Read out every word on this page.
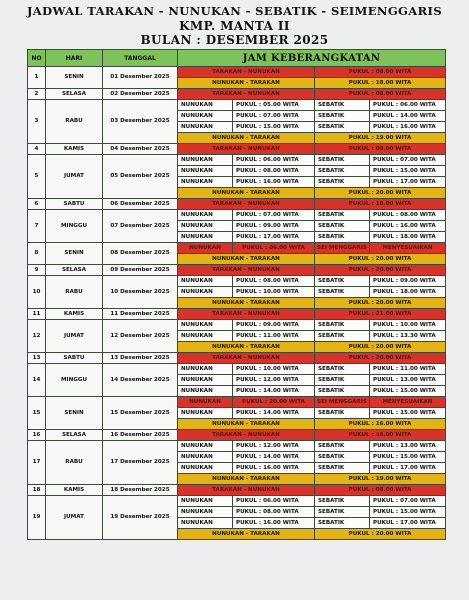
JADWAL TARAKAN - NUNUKAN - SEBATIK - SEIMENGGARIS
KMP. MANTA II
BULAN : DESEMBER 2025
NO	HARI	TANGGAL	JAM KEBERANGKATAN			
1	SENIN	01 Desember 2025	TARAKAN - NUNUKAN		PUKUL : 08.00 WITA	
			NUNUKAN - TARAKAN		PUKUL : 18.00 WITA	
2	SELASA	02 Desember 2025	TARAKAN - NUNUKAN		PUKUL : 08.00 WITA	
3	RABU	03 Desember 2025	NUNUKAN	PUKUL : 05.00 WITA	SEBATIK	PUKUL : 06.00 WITA
			NUNUKAN	PUKUL : 07.00 WITA	SEBATIK	PUKUL : 14.00 WITA
			NUNUKAN	PUKUL : 15.00 WITA	SEBATIK	PUKUL : 16.00 WITA
			NUNUKAN - TARAKAN		PUKUL : 19.00 WITA	
4	KAMIS	04 Desember 2025	TARAKAN - NUNUKAN		PUKUL : 08.00 WITA	
5	JUMAT	05 Desember 2025	NUNUKAN	PUKUL : 06.00 WITA	SEBATIK	PUKUL : 07.00 WITA
			NUNUKAN	PUKUL : 08.00 WITA	SEBATIK	PUKUL : 15.00 WITA
			NUNUKAN	PUKUL : 16.00 WITA	SEBATIK	PUKUL : 17.00 WITA
			NUNUKAN - TARAKAN		PUKUL : 20.00 WITA	
6	SABTU	06 Desember 2025	TARAKAN - NUNUKAN		PUKUL : 18.00 WITA	
7	MINGGU	07 Desember 2025	NUNUKAN	PUKUL : 07.00 WITA	SEBATIK	PUKUL : 08.00 WITA
			NUNUKAN	PUKUL : 09.00 WITA	SEBATIK	PUKUL : 16.00 WITA
			NUNUKAN	PUKUL : 17.00 WITA	SEBATIK	PUKUL : 18.00 WITA
8	SENIN	08 Desember 2025	NUNUKAN	PUKUL : 06.00 WITA	SEI MENGGARIS	MENYESUAIKAN
			NUNUKAN - TARAKAN		PUKUL : 20.00 WITA	
9	SELASA	09 Desember 2025	TARAKAN - NUNUKAN		PUKUL : 20.00 WITA	
10	RABU	10 Desember 2025	NUNUKAN	PUKUL : 08.00 WITA	SEBATIK	PUKUL : 09.00 WITA
			NUNUKAN	PUKUL : 10.00 WITA	SEBATIK	PUKUL : 18.00 WITA
			NUNUKAN - TARAKAN		PUKUL : 20.00 WITA	
11	KAMIS	11 Desember 2025	TARAKAN - NUNUKAN		PUKUL : 21.00 WITA	
12	JUMAT	12 Desember 2025	NUNUKAN	PUKUL : 09.00 WITA	SEBATIK	PUKUL : 10.00 WITA
			NUNUKAN	PUKUL : 11.00 WITA	SEBATIK	PUKUL : 13.30 WITA
			NUNUKAN - TARAKAN		PUKUL : 20.00 WITA	
13	SABTU	13 Desember 2025	TARAKAN - NUNUKAN		PUKUL : 20.00 WITA	
14	MINGGU	14 Desember 2025	NUNUKAN	PUKUL : 10.00 WITA	SEBATIK	PUKUL : 11.00 WITA
			NUNUKAN	PUKUL : 12.00 WITA	SEBATIK	PUKUL : 13.00 WITA
			NUNUKAN	PUKUL : 14.00 WITA	SEBATIK	PUKUL : 15.00 WITA
15	SENIN	15 Desember 2025	NUNUKAN	PUKUL : 20.00 WITA	SEI MENGGARIS	MENYESUAIKAN
			NUNUKAN	PUKUL : 14.00 WITA	SEBATIK	PUKUL : 15.00 WITA
			NUNUKAN - TARAKAN		PUKUL : 16.00 WITA	
16	SELASA	16 Desember 2025	TARAKAN - NUNUKAN		PUKUL : 16.00 WITA	
17	RABU	17 Desember 2025	NUNUKAN	PUKUL : 12.00 WITA	SEBATIK	PUKUL : 13.00 WITA
			NUNUKAN	PUKUL : 14.00 WITA	SEBATIK	PUKUL : 15.00 WITA
			NUNUKAN	PUKUL : 16.00 WITA	SEBATIK	PUKUL : 17.00 WITA
			NUNUKAN - TARAKAN		PUKUL : 19.00 WITA	
18	KAMIS	18 Desember 2025	TARAKAN - NUNUKAN		PUKUL : 08.00 WITA	
19	JUMAT	19 Desember 2025	NUNUKAN	PUKUL : 06.00 WITA	SEBATIK	PUKUL : 07.00 WITA
			NUNUKAN	PUKUL : 08.00 WITA	SEBATIK	PUKUL : 15.00 WITA
			NUNUKAN	PUKUL : 16.00 WITA	SEBATIK	PUKUL : 17.00 WITA
			NUNUKAN - TARAKAN		PUKUL : 20.00 WITA	
